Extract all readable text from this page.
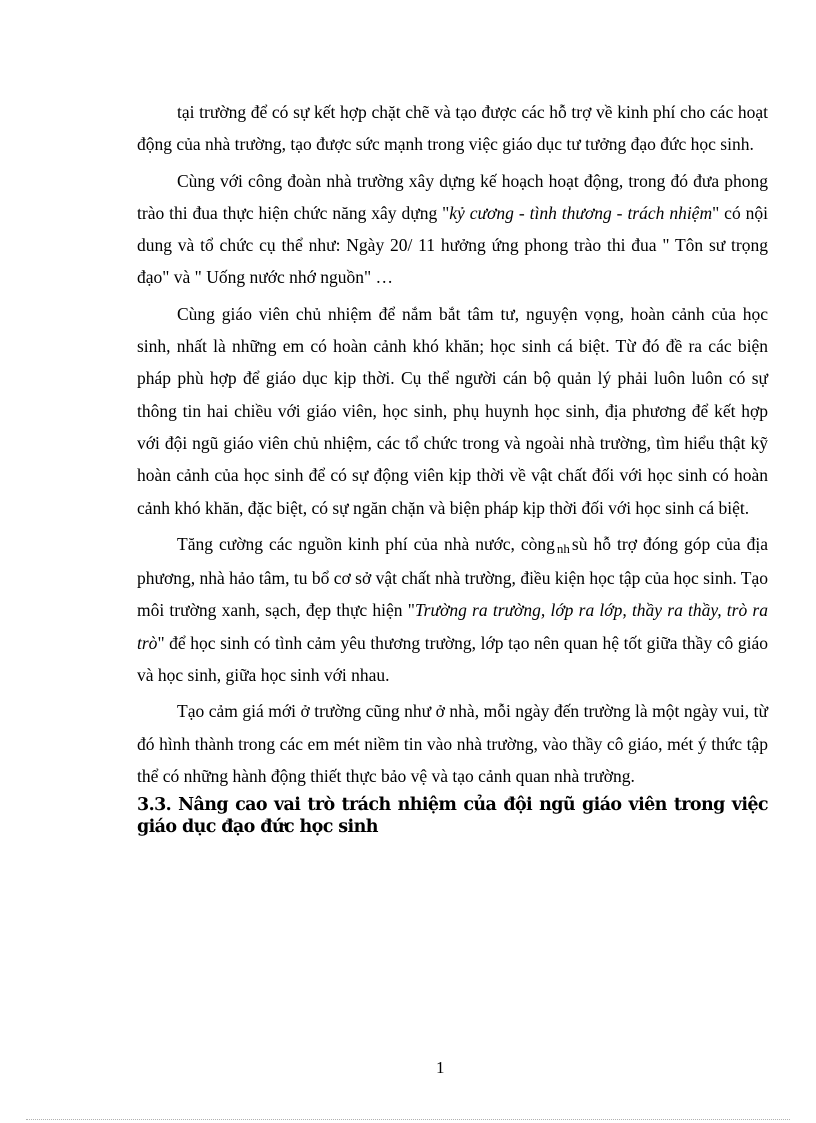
tại trường để có sự kết hợp chặt chẽ và tạo được các hỗ trợ về kinh phí cho các hoạt động của nhà trường, tạo được sức mạnh trong việc giáo dục tư tưởng đạo đức học sinh.

Cùng với công đoàn nhà trường xây dựng kế hoạch hoạt động, trong đó đưa phong trào thi đua thực hiện chức năng xây dựng "kỷ cương - tình thương - trách nhiệm" có nội dung và tổ chức cụ thể như: Ngày 20/ 11 hưởng ứng phong trào thi đua " Tôn sư trọng đạo" và " Uống nước nhớ nguồn" …

Cùng giáo viên chủ nhiệm để nắm bắt tâm tư, nguyện vọng, hoàn cảnh của học sinh, nhất là những em có hoàn cảnh khó khăn; học sinh cá biệt. Từ đó đề ra các biện pháp phù hợp để giáo dục kịp thời. Cụ thể người cán bộ quản lý phải luôn luôn có sự thông tin hai chiều với giáo viên, học sinh, phụ huynh học sinh, địa phương để kết hợp với đội ngũ giáo viên chủ nhiệm, các tổ chức trong và ngoài nhà trường, tìm hiểu thật kỹ hoàn cảnh của học sinh để có sự động viên kịp thời về vật chất đối với học sinh có hoàn cảnh khó khăn, đặc biệt, có sự ngăn chặn và biện pháp kịp thời đối với học sinh cá biệt.

Tăng cường các nguồn kinh phí của nhà nước, còng nh sù hỗ trợ đóng góp của địa phương, nhà hảo tâm, tu bổ cơ sở vật chất nhà trường, điều kiện học tập của học sinh. Tạo môi trường xanh, sạch, đẹp thực hiện "Trường ra trường, lớp ra lớp, thầy ra thầy, trò ra trò" để học sinh có tình cảm yêu thương trường, lớp tạo nên quan hệ tốt giữa thầy cô giáo và học sinh, giữa học sinh với nhau.

Tạo cảm giá mới ở trường cũng như ở nhà, mỗi ngày đến trường là một ngày vui, từ đó hình thành trong các em mét niềm tin vào nhà trường, vào thầy cô giáo, mét ý thức tập thể có những hành động thiết thực bảo vệ và tạo cảnh quan nhà trường.

3.3. Nâng cao vai trò trách nhiệm của đội ngũ giáo viên trong việc giáo dục đạo đức học sinh
1
